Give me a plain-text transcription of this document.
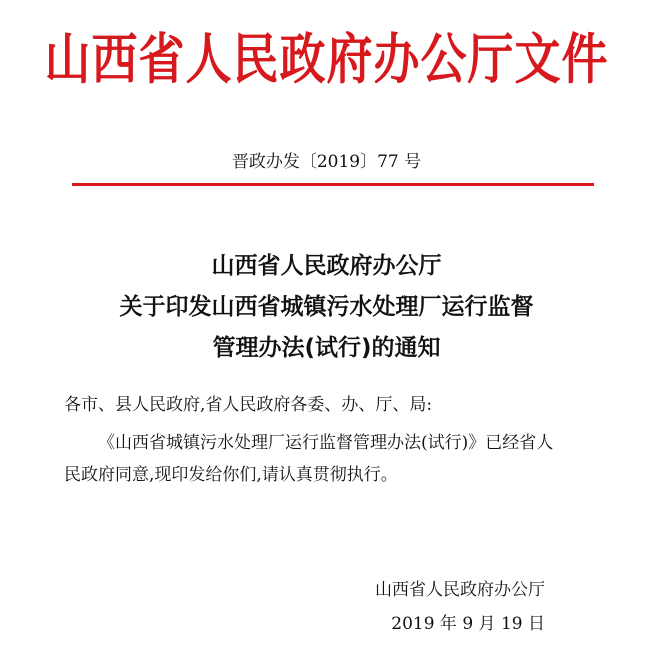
山西省人民政府办公厅文件
晋政办发〔2019〕77 号
山西省人民政府办公厅
关于印发山西省城镇污水处理厂运行监督
管理办法(试行)的通知
各市、县人民政府,省人民政府各委、办、厅、局:
《山西省城镇污水处理厂运行监督管理办法(试行)》已经省人
民政府同意,现印发给你们,请认真贯彻执行。
山西省人民政府办公厅
2019 年 9 月 19 日
